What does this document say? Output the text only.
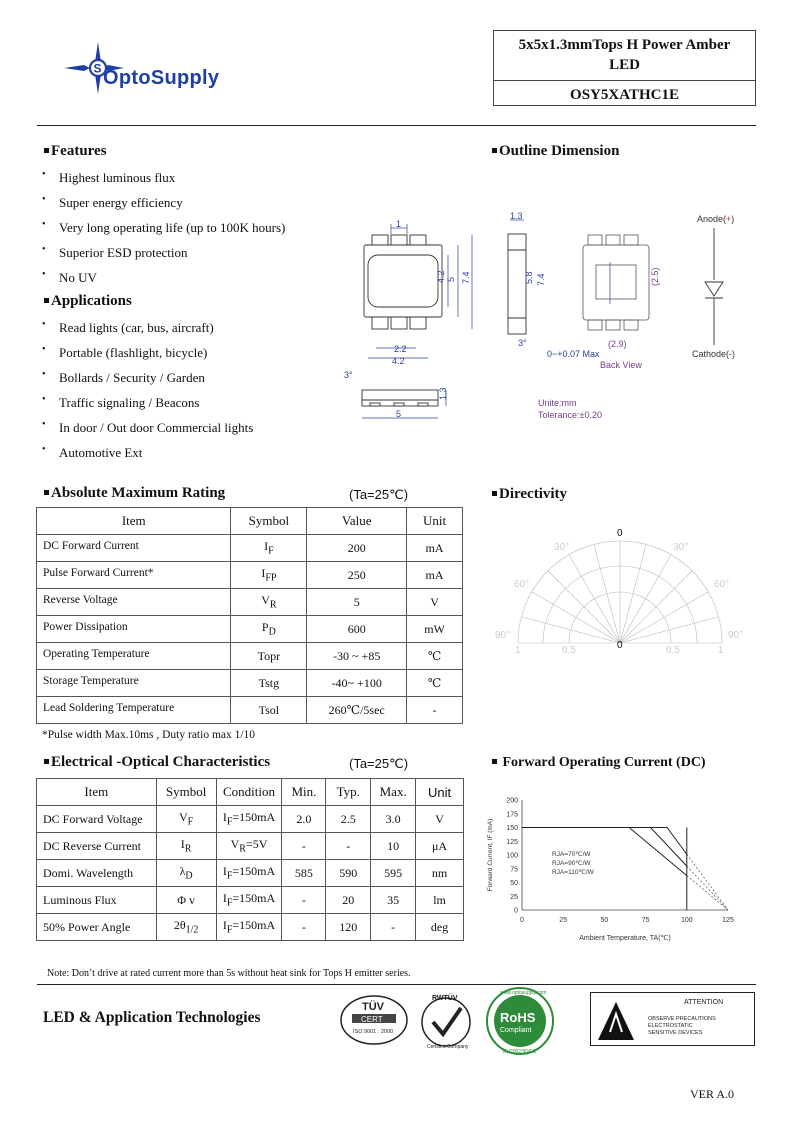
S OptoSupply
5x5x1.3mmTops H Power Amber LED
OSY5XATHC1E
Features
• Highest luminous flux
• Super energy efficiency
• Very long operating life (up to 100K hours)
• Superior ESD protection
• No UV
Applications
• Read lights (car, bus, aircraft)
• Portable (flashlight, bicycle)
• Bollards / Security / Garden
• Traffic signaling / Beacons
• In door / Out door Commercial lights
• Automotive Ext
Outline Dimension
1
4.2 5 7.4
2.2
4.2
3°
5
1.3
1.3
5.8 7.4
3°
0~+0.07 Max
(2.5)
(2.9)
Back View
Anode(+)
Cathode(-)
Unite:mm
Tolerance:±0.20
Absolute Maximum Rating	(Ta=25℃)
Item	Symbol	Value	Unit
DC Forward Current	$I_F$	200	mA
Pulse Forward Current*	$I_{FP}$	250	mA
Reverse Voltage	$V_R$	5	V
Power Dissipation	$P_D$	600	mW
Operating Temperature	Topr	-30 ~ +85	℃
Storage Temperature	Tstg	-40~ +100	℃
Lead Soldering Temperature	Tsol	260℃/5sec	-
*Pulse width Max.10ms , Duty ratio max 1/10
Directivity
0
30°	30°
60°	60°
90°	90°
1	0.5	0	0.5	1
Electrical -Optical Characteristics	(Ta=25℃)
Item	Symbol	Condition	Min.	Typ.	Max.	Unit
DC Forward Voltage	$V_F$	$I_F=150mA$	2.0	2.5	3.0	V
DC Reverse Current	$I_R$	$V_R=5V$	-	-	10	μA
Domi. Wavelength	$\lambda_D$	$I_F=150mA$	585	590	595	nm
Luminous Flux	Φ v	$I_F=150mA$	-	20	35	lm
50% Power Angle	$2\theta_{1/2}$	$I_F=150mA$	-	120	-	deg
Forward Operating Current (DC)
0
25
50
75
100
125
150
175
200
0	25	50	75	100	125
Ambient Temperature, TA(℃)
Forward Current, IF (mA)	RJA=70℃/W
RJA=90℃/W
RJA=110℃/W
Note: Don’t drive at rated current more than 5s without heat sink for Tops H emitter series.
LED & Application Technologies
TÜV
CERT
ISO 9001 : 2000
RWTÜV
Certified Company
www.optosupply.com
RoHS
Compliant
EU2002/95/EC
ATTENTION
OBSERVE PRECAUTIONS
ELECTROSTATIC
SENSITIVE DEVICES
VER A.0
